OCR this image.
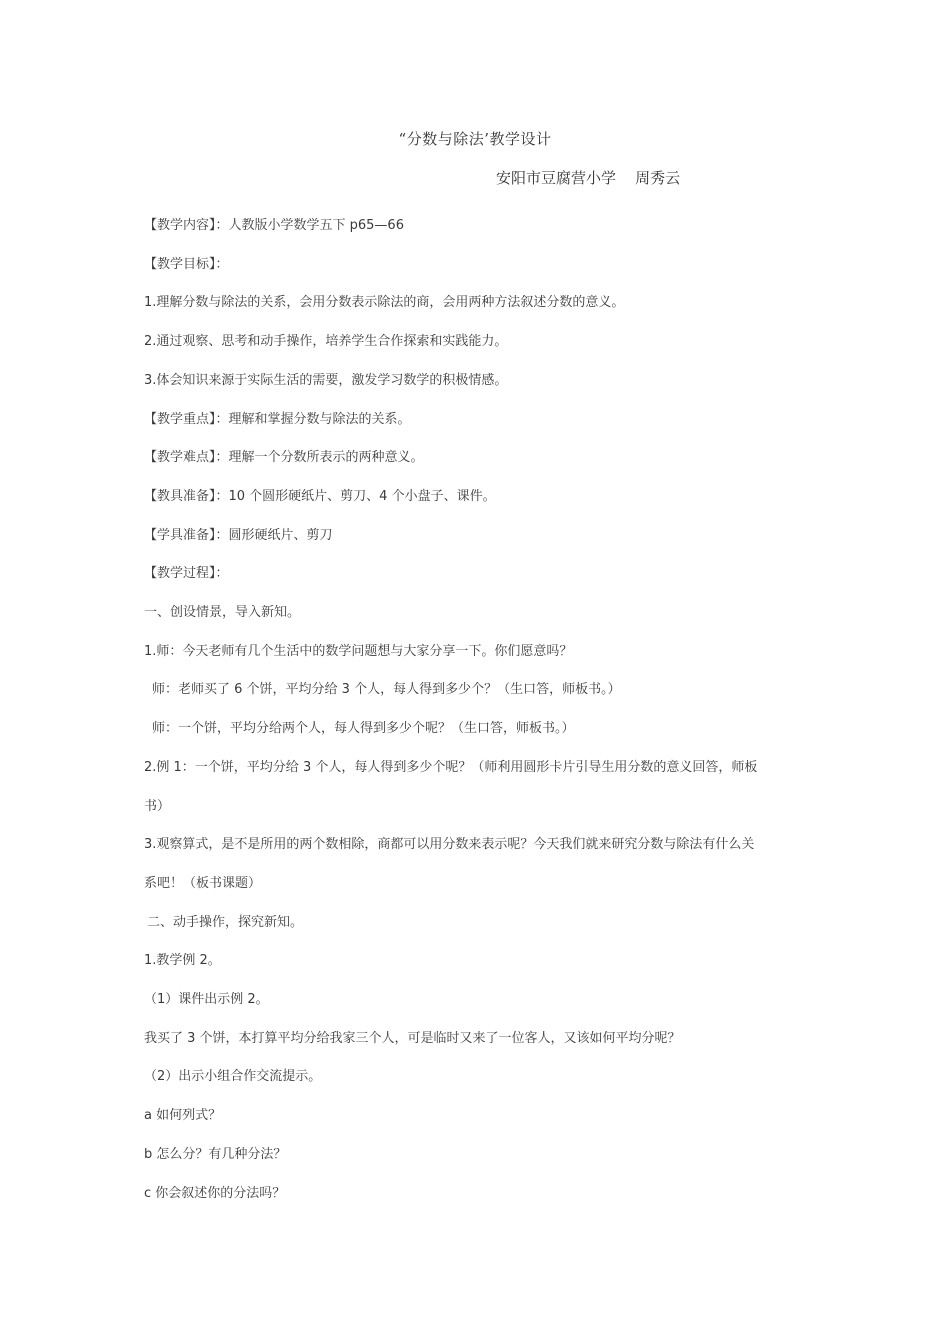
“分数与除法’教学设计
安阳市豆腐营小学    周秀云
【教学内容】：人教版小学数学五下 p65—66
【教学目标】：
1.理解分数与除法的关系，会用分数表示除法的商，会用两种方法叙述分数的意义。
2.通过观察、思考和动手操作，培养学生合作探索和实践能力。
3.体会知识来源于实际生活的需要，激发学习数学的积极情感。
【教学重点】：理解和掌握分数与除法的关系。
【教学难点】：理解一个分数所表示的两种意义。
【教具准备】：10 个圆形硬纸片、剪刀、4 个小盘子、课件。
【学具准备】：圆形硬纸片、剪刀
【教学过程】：
一、创设情景，导入新知。
1.师：今天老师有几个生活中的数学问题想与大家分享一下。你们愿意吗？
师：老师买了 6 个饼，平均分给 3 个人，每人得到多少个？（生口答，师板书。）
师：一个饼，平均分给两个人，每人得到多少个呢？（生口答，师板书。）
2.例 1：一个饼，平均分给 3 个人，每人得到多少个呢？（师利用圆形卡片引导生用分数的意义回答，师板
书）
3.观察算式，是不是所用的两个数相除，商都可以用分数来表示呢？今天我们就来研究分数与除法有什么关
系吧！（板书课题）
二、动手操作，探究新知。
1.教学例 2。
（1）课件出示例 2。
我买了 3 个饼，本打算平均分给我家三个人，可是临时又来了一位客人，又该如何平均分呢？
（2）出示小组合作交流提示。
a 如何列式？
b 怎么分？有几种分法？
c 你会叙述你的分法吗？
